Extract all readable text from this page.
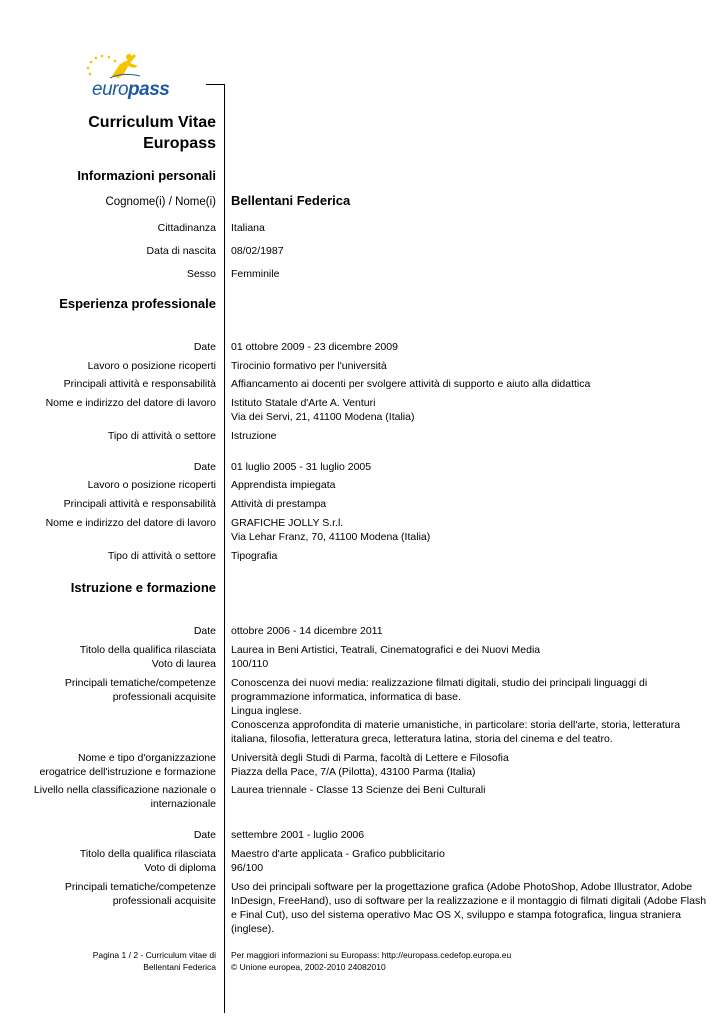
europass
Curriculum Vitae
Europass
Informazioni personali
Cognome(i) / Nome(i) Bellentani Federica
Cittadinanza Italiana
Data di nascita 08/02/1987
Sesso Femminile
Esperienza professionale
Date 01 ottobre 2009 - 23 dicembre 2009
Lavoro o posizione ricoperti Tirocinio formativo per l'università
Principali attività e responsabilità Affiancamento ai docenti per svolgere attività di supporto e aiuto alla didattica
Nome e indirizzo del datore di lavoro Istituto Statale d'Arte A. Venturi
Via dei Servi, 21, 41100 Modena (Italia)
Tipo di attività o settore Istruzione
Date 01 luglio 2005 - 31 luglio 2005
Lavoro o posizione ricoperti Apprendista impiegata
Principali attività e responsabilità Attività di prestampa
Nome e indirizzo del datore di lavoro GRAFICHE JOLLY S.r.l.
Via Lehar Franz, 70, 41100 Modena (Italia)
Tipo di attività o settore Tipografia
Istruzione e formazione
Date ottobre 2006 - 14 dicembre 2011
Titolo della qualifica rilasciata
Voto di laurea
Laurea in Beni Artistici, Teatrali, Cinematografici e dei Nuovi Media
100/110
Principali tematiche/competenze
professionali acquisite
Conoscenza dei nuovi media: realizzazione filmati digitali, studio dei principali linguaggi di
programmazione informatica, informatica di base.
Lingua inglese.
Conoscenza approfondita di materie umanistiche, in particolare: storia dell'arte, storia, letteratura
italiana, filosofia, letteratura greca, letteratura latina, storia del cinema e del teatro.
Nome e tipo d'organizzazione
erogatrice dell'istruzione e formazione
Università degli Studi di Parma, facoltà di Lettere e Filosofia
Piazza della Pace, 7/A (Pilotta), 43100 Parma (Italia)
Livello nella classificazione nazionale o
internazionale
Laurea triennale - Classe 13 Scienze dei Beni Culturali
Date settembre 2001 - luglio 2006
Titolo della qualifica rilasciata
Voto di diploma
Maestro d'arte applicata - Grafico pubblicitario
96/100
Principali tematiche/competenze
professionali acquisite
Uso dei principali software per la progettazione grafica (Adobe PhotoShop, Adobe Illustrator, Adobe
InDesign, FreeHand), uso di software per la realizzazione e il montaggio di filmati digitali (Adobe Flash
e Final Cut), uso del sistema operativo Mac OS X, sviluppo e stampa fotografica, lingua straniera
(inglese).
Pagina 1 / 2 - Curriculum vitae di
Bellentani Federica
Per maggiori informazioni su Europass: http://europass.cedefop.europa.eu
© Unione europea, 2002-2010 24082010
